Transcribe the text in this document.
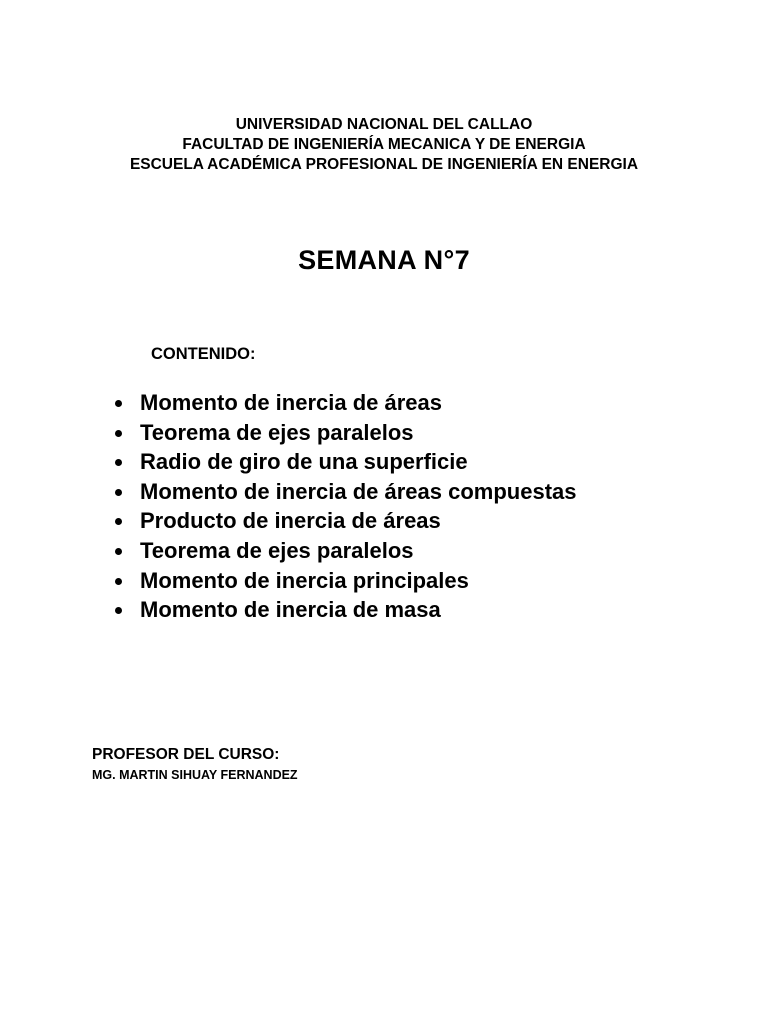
UNIVERSIDAD NACIONAL DEL CALLAO
FACULTAD DE INGENIERÍA MECANICA Y DE ENERGIA
ESCUELA ACADÉMICA PROFESIONAL DE INGENIERÍA EN ENERGIA
SEMANA N°7
CONTENIDO:
Momento de inercia de áreas
Teorema de ejes paralelos
Radio de giro de una superficie
Momento de inercia de áreas compuestas
Producto de inercia de áreas
Teorema de ejes paralelos
Momento de inercia principales
Momento de inercia de masa
PROFESOR DEL CURSO:
MG. MARTIN SIHUAY FERNANDEZ
